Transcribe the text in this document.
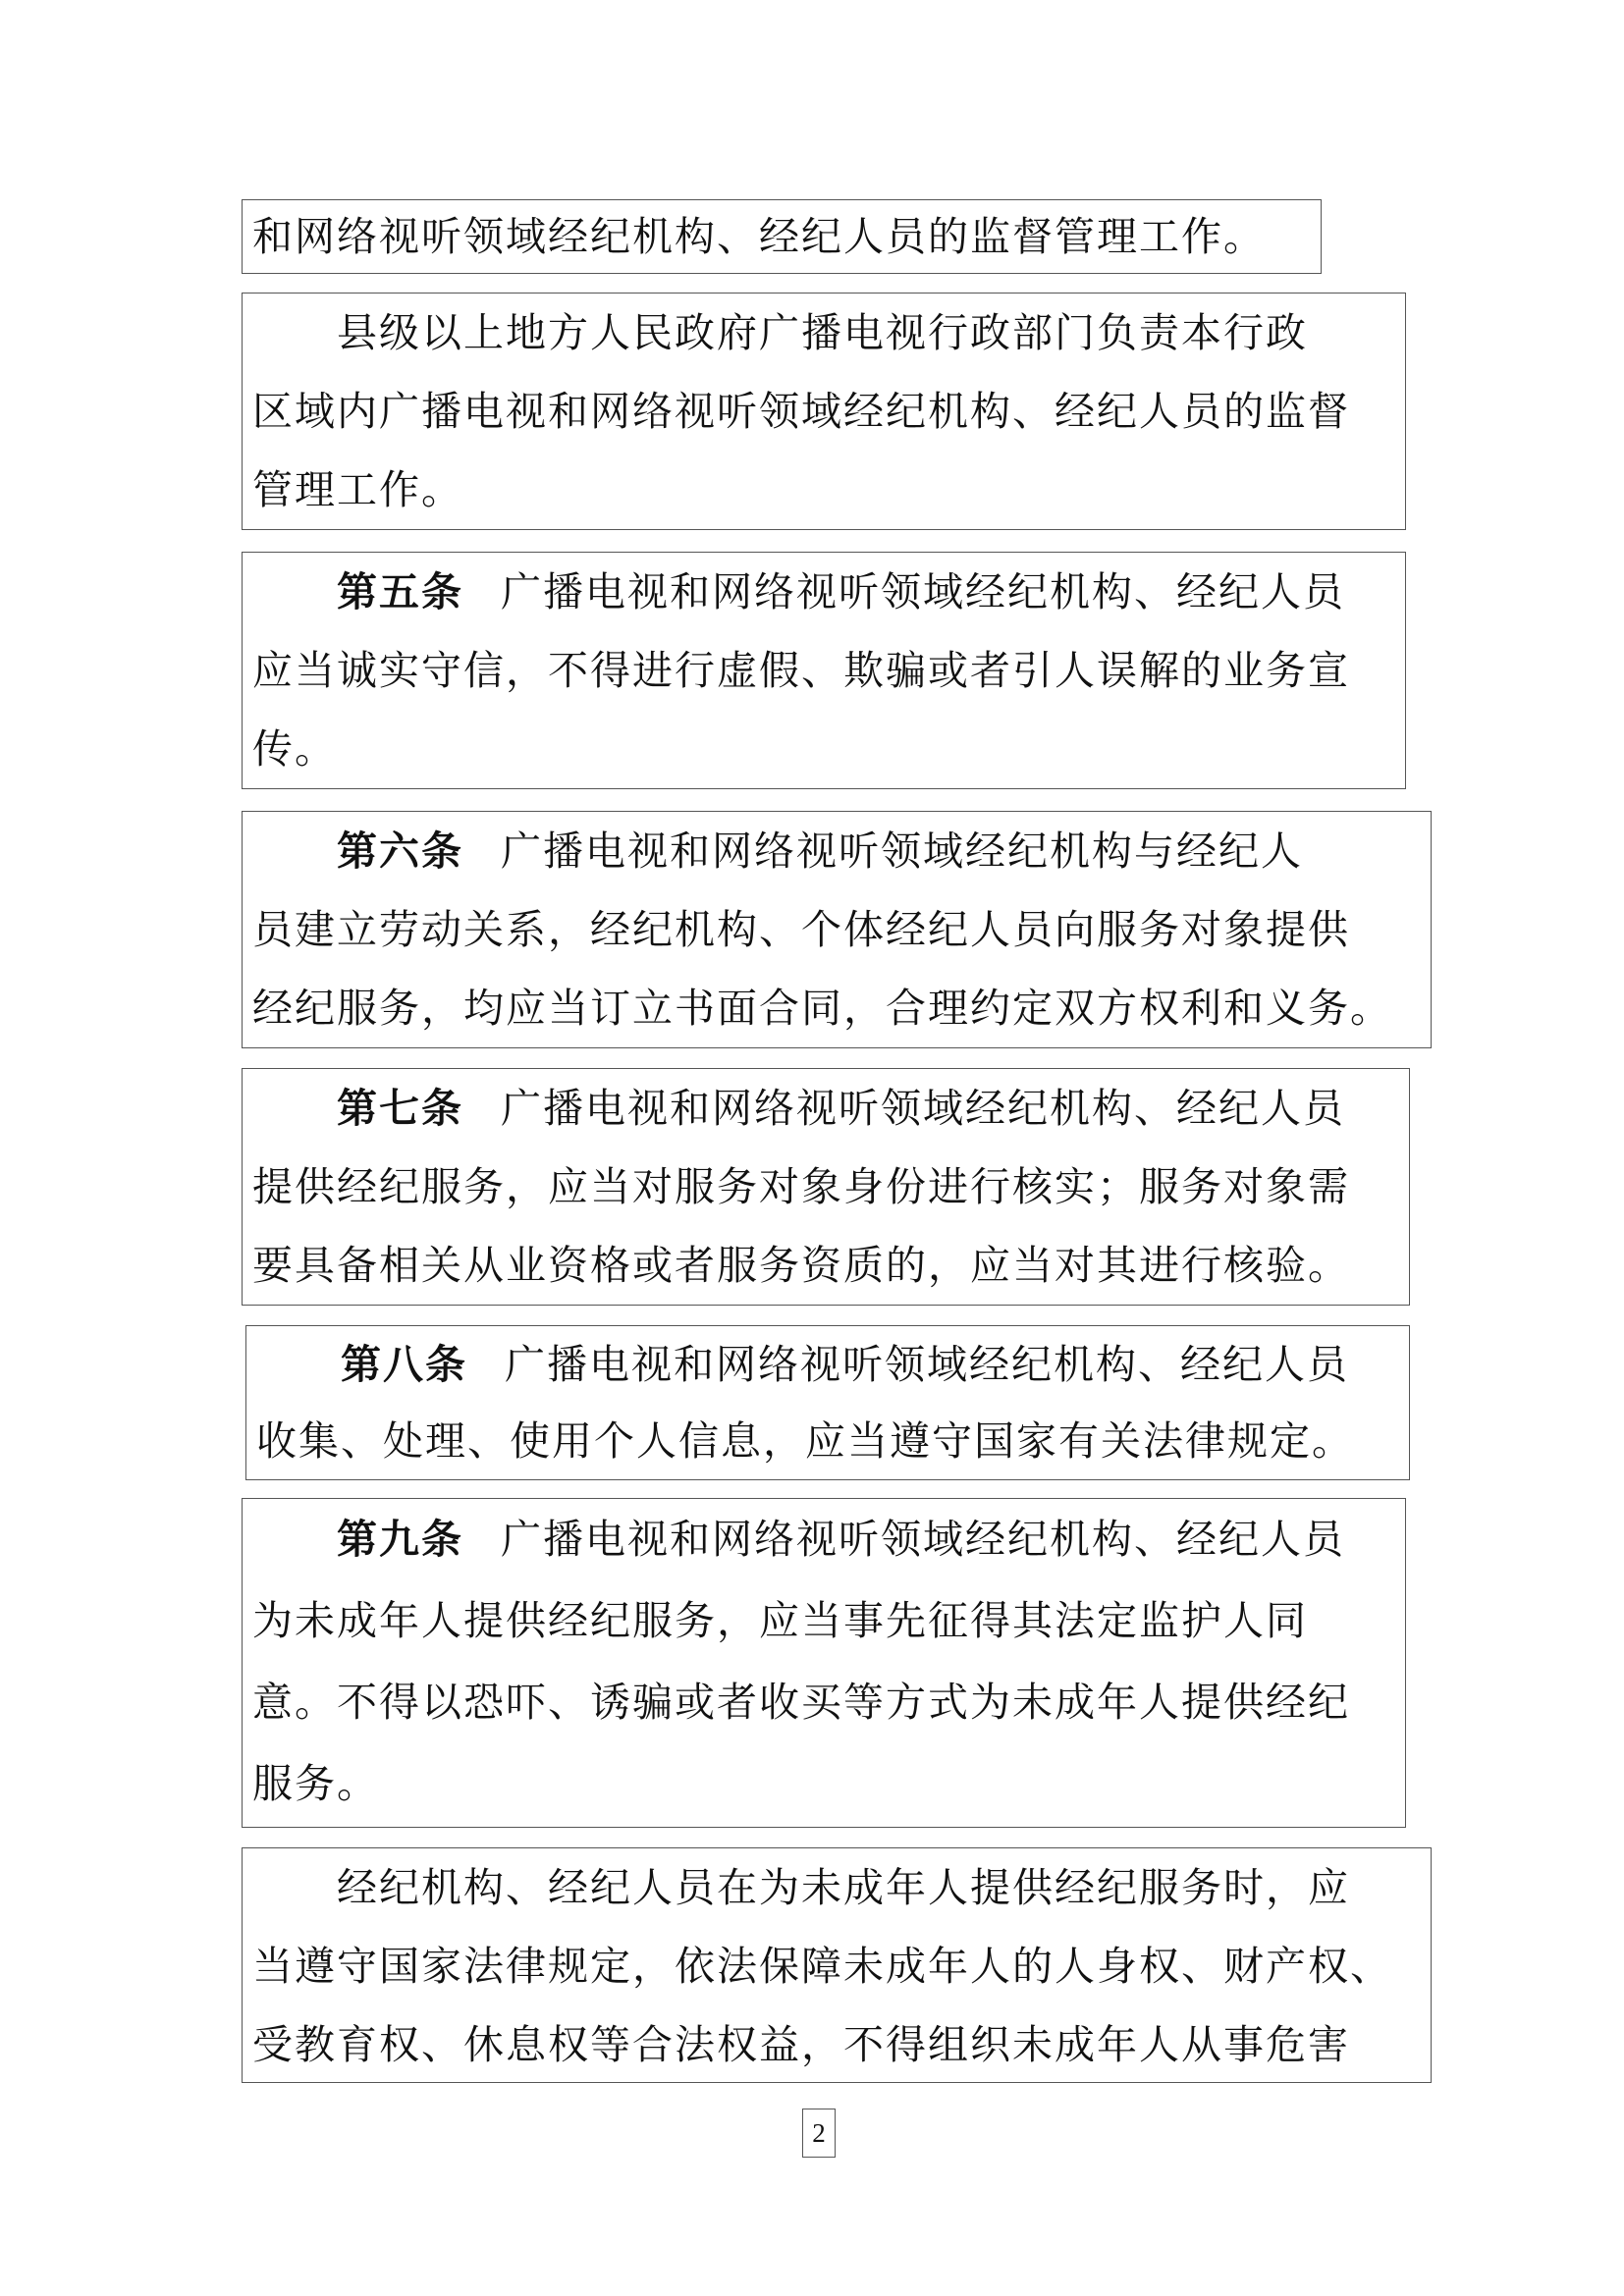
和网络视听领域经纪机构、经纪人员的监督管理工作。
县级以上地方人民政府广播电视行政部门负责本行政
区域内广播电视和网络视听领域经纪机构、经纪人员的监督
管理工作。
第五条 广播电视和网络视听领域经纪机构、经纪人员
应当诚实守信，不得进行虚假、欺骗或者引人误解的业务宣
传。
第六条 广播电视和网络视听领域经纪机构与经纪人
员建立劳动关系，经纪机构、个体经纪人员向服务对象提供
经纪服务，均应当订立书面合同，合理约定双方权利和义务。
第七条 广播电视和网络视听领域经纪机构、经纪人员
提供经纪服务，应当对服务对象身份进行核实；服务对象需
要具备相关从业资格或者服务资质的，应当对其进行核验。
第八条 广播电视和网络视听领域经纪机构、经纪人员
收集、处理、使用个人信息，应当遵守国家有关法律规定。
第九条 广播电视和网络视听领域经纪机构、经纪人员
为未成年人提供经纪服务，应当事先征得其法定监护人同
意。不得以恐吓、诱骗或者收买等方式为未成年人提供经纪
服务。
经纪机构、经纪人员在为未成年人提供经纪服务时，应
当遵守国家法律规定，依法保障未成年人的人身权、财产权、
受教育权、休息权等合法权益，不得组织未成年人从事危害
2
